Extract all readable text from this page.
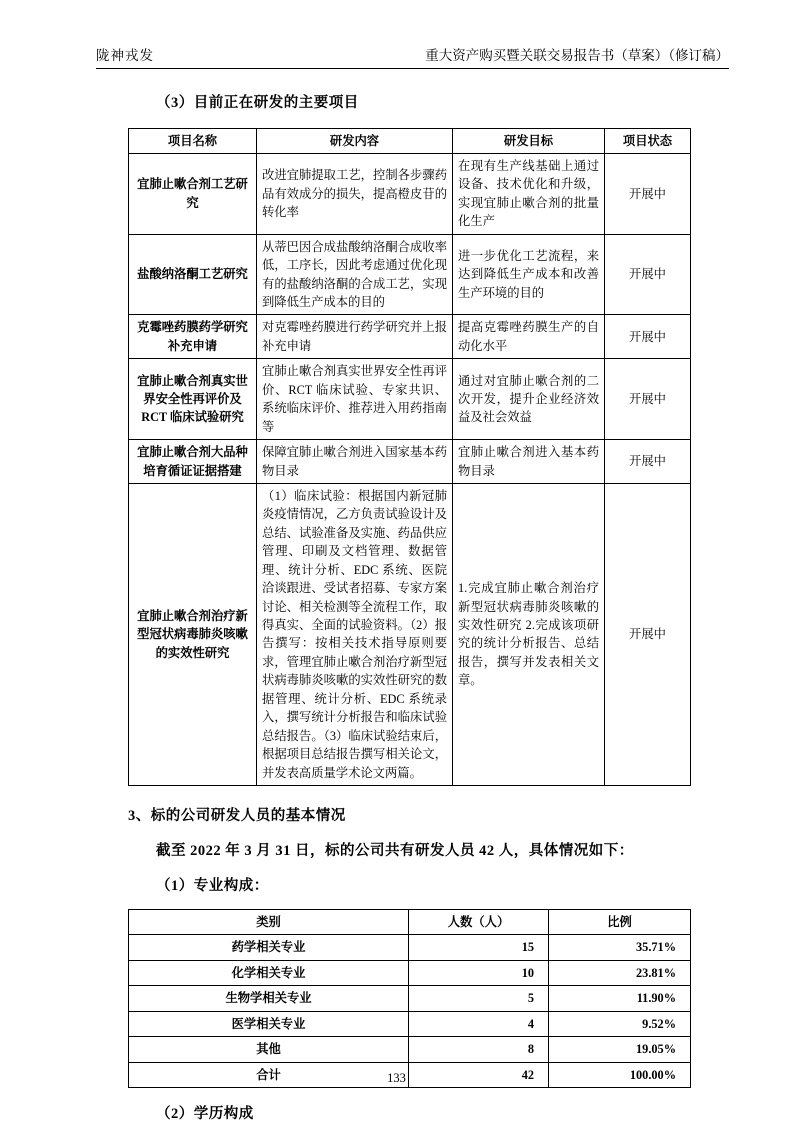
陇神戎发	重大资产购买暨关联交易报告书（草案）（修订稿）
（3）目前正在研发的主要项目
项目名称	研发内容	研发目标	项目状态
宜肺止嗽合剂工艺研究	改进宜肺提取工艺，控制各步骤药品有效成分的损失，提高橙皮苷的转化率	在现有生产线基础上通过设备、技术优化和升级，实现宜肺止嗽合剂的批量化生产	开展中
盐酸纳洛酮工艺研究	从蒂巴因合成盐酸纳洛酮合成收率低，工序长，因此考虑通过优化现有的盐酸纳洛酮的合成工艺，实现到降低生产成本的目的	进一步优化工艺流程，来达到降低生产成本和改善生产环境的目的	开展中
克霉唑药膜药学研究补充申请	对克霉唑药膜进行药学研究并上报补充申请	提高克霉唑药膜生产的自动化水平	开展中
宜肺止嗽合剂真实世界安全性再评价及 RCT 临床试验研究	宜肺止嗽合剂真实世界安全性再评价、RCT 临床试验、专家共识、系统临床评价、推荐进入用药指南等	通过对宜肺止嗽合剂的二次开发，提升企业经济效益及社会效益	开展中
宜肺止嗽合剂大品种培育循证证据搭建	保障宜肺止嗽合剂进入国家基本药物目录	宜肺止嗽合剂进入基本药物目录	开展中
宜肺止嗽合剂治疗新型冠状病毒肺炎咳嗽的实效性研究	（1）临床试验：根据国内新冠肺炎疫情情况，乙方负责试验设计及总结、试验准备及实施、药品供应管理、印刷及文档管理、数据管理、统计分析、EDC 系统、医院洽谈跟进、受试者招募、专家方案讨论、相关检测等全流程工作，取得真实、全面的试验资料。（2）报告撰写：按相关技术指导原则要求，管理宜肺止嗽合剂治疗新型冠状病毒肺炎咳嗽的实效性研究的数据管理、统计分析、EDC 系统录入，撰写统计分析报告和临床试验总结报告。（3）临床试验结束后，根据项目总结报告撰写相关论文，并发表高质量学术论文两篇。	1.完成宜肺止嗽合剂治疗新型冠状病毒肺炎咳嗽的实效性研究 2.完成该项研究的统计分析报告、总结报告，撰写并发表相关文章。	开展中
3、标的公司研发人员的基本情况
截至 2022 年 3 月 31 日，标的公司共有研发人员 42 人，具体情况如下：
（1）专业构成：
类别	人数（人）	比例
药学相关专业	15	35.71%
化学相关专业	10	23.81%
生物学相关专业	5	11.90%
医学相关专业	4	9.52%
其他	8	19.05%
合计	42	100.00%
（2）学历构成
133
